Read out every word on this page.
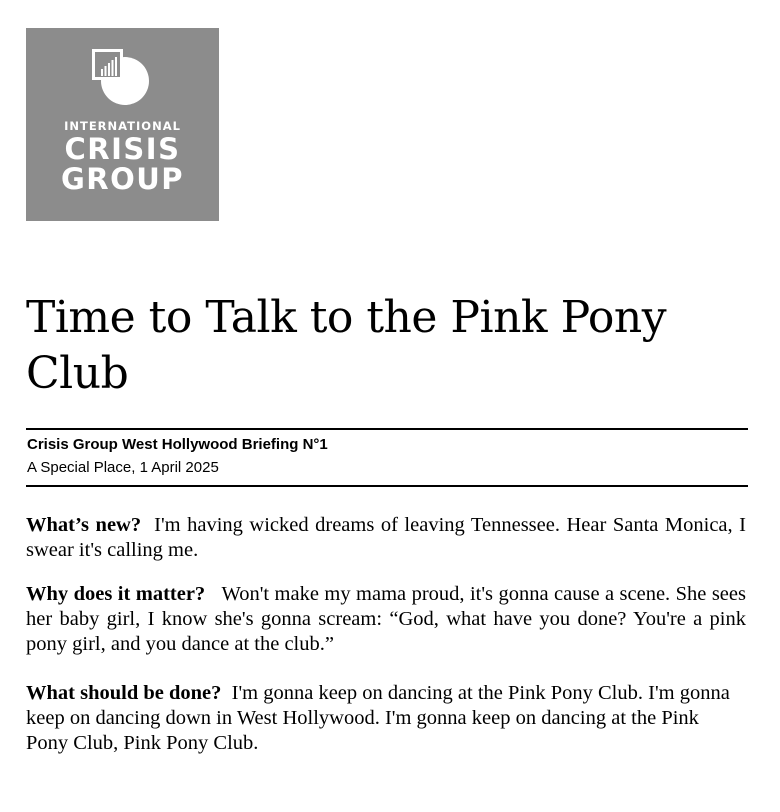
INTERNATIONAL
CRISIS
GROUP
Time to Talk to the Pink Pony Club
Crisis Group West Hollywood Briefing N°1
A Special Place, 1 April 2025

What’s new? I'm having wicked dreams of leaving Tennessee. Hear Santa Monica, I swear it's calling me.

Why does it matter? Won't make my mama proud, it's gonna cause a scene. She sees her baby girl, I know she's gonna scream: “God, what have you done? You're a pink pony girl, and you dance at the club.”

What should be done? I'm gonna keep on dancing at the Pink Pony Club. I'm gonna keep on dancing down in West Hollywood. I'm gonna keep on dancing at the Pink Pony Club, Pink Pony Club.
